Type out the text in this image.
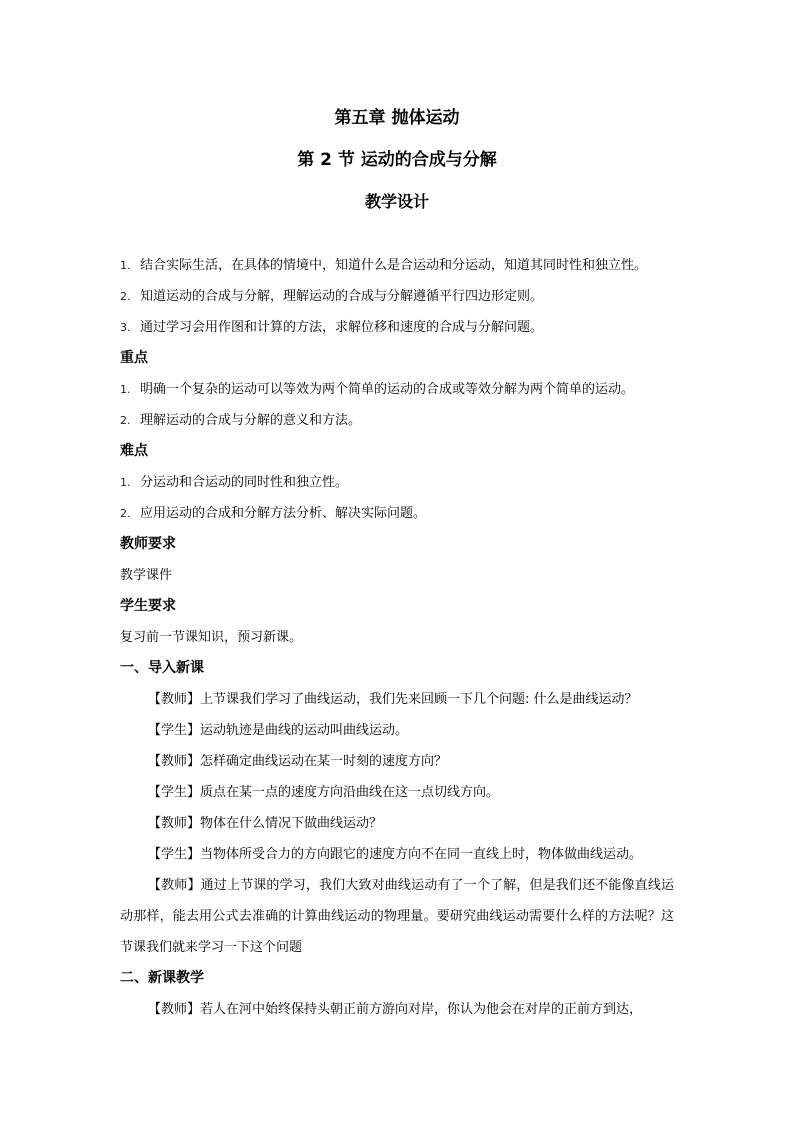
第五章 抛体运动
第 2 节 运动的合成与分解
教学设计
1. 结合实际生活，在具体的情境中，知道什么是合运动和分运动，知道其同时性和独立性。
2. 知道运动的合成与分解，理解运动的合成与分解遵循平行四边形定则。
3. 通过学习会用作图和计算的方法，求解位移和速度的合成与分解问题。
重点
1. 明确一个复杂的运动可以等效为两个简单的运动的合成或等效分解为两个简单的运动。
2. 理解运动的合成与分解的意义和方法。
难点
1. 分运动和合运动的同时性和独立性。
2. 应用运动的合成和分解方法分析、解决实际问题。
教师要求
教学课件
学生要求
复习前一节课知识，预习新课。
一、导入新课
【教师】上节课我们学习了曲线运动，我们先来回顾一下几个问题: 什么是曲线运动？
【学生】运动轨迹是曲线的运动叫曲线运动。
【教师】怎样确定曲线运动在某一时刻的速度方向？
【学生】质点在某一点的速度方向沿曲线在这一点切线方向。
【教师】物体在什么情况下做曲线运动？
【学生】当物体所受合力的方向跟它的速度方向不在同一直线上时，物体做曲线运动。
【教师】通过上节课的学习，我们大致对曲线运动有了一个了解，但是我们还不能像直线运动那样，能去用公式去准确的计算曲线运动的物理量。要研究曲线运动需要什么样的方法呢？这节课我们就来学习一下这个问题
二、新课教学
【教师】若人在河中始终保持头朝正前方游向对岸，你认为他会在对岸的正前方到达，
